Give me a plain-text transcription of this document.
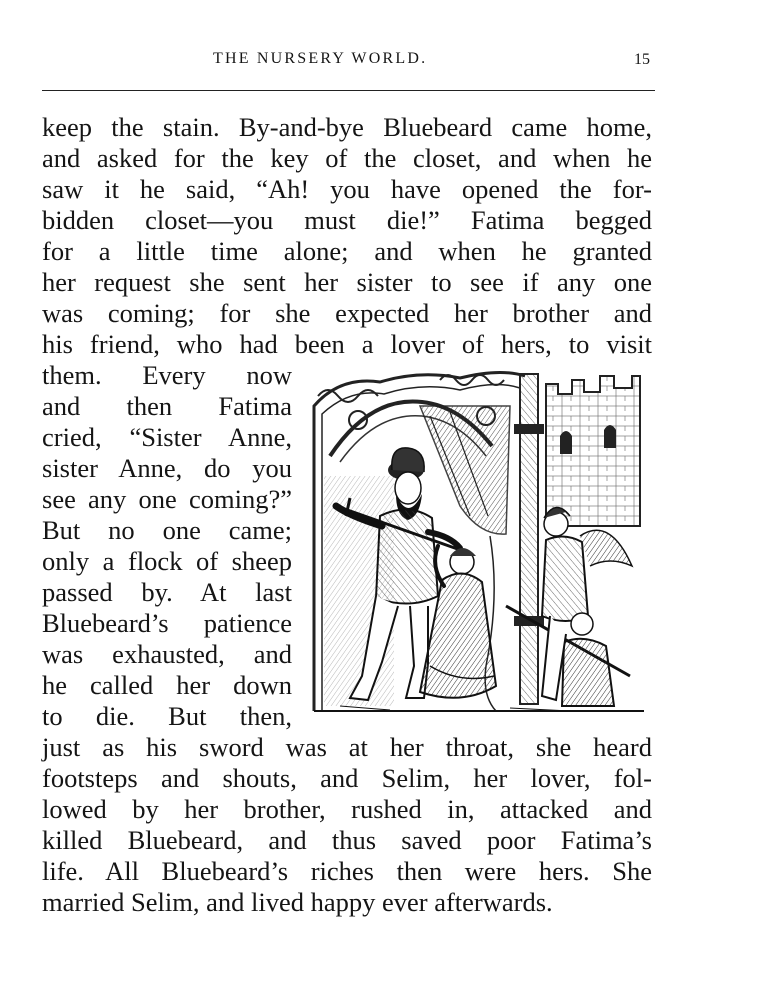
THE NURSERY WORLD.	15
keep the stain. By-and-bye Bluebeard came home,
and asked for the key of the closet, and when he
saw it he said, “Ah! you have opened the for-
bidden closet—you must die!” Fatima begged
for a little time alone; and when he granted
her request she sent her sister to see if any one
was coming; for she expected her brother and
his friend, who had been a lover of hers, to visit
them. Every now
and then Fatima
cried, “Sister Anne,
sister Anne, do you
see any one coming?”
But no one came;
only a flock of sheep
passed by. At last
Bluebeard’s patience
was exhausted, and
he called her down
to die. But then,
just as his sword was at her throat, she heard
footsteps and shouts, and Selim, her lover, fol-
lowed by her brother, rushed in, attacked and
killed Bluebeard, and thus saved poor Fatima’s
life. All Bluebeard’s riches then were hers. She
married Selim, and lived happy ever afterwards.
